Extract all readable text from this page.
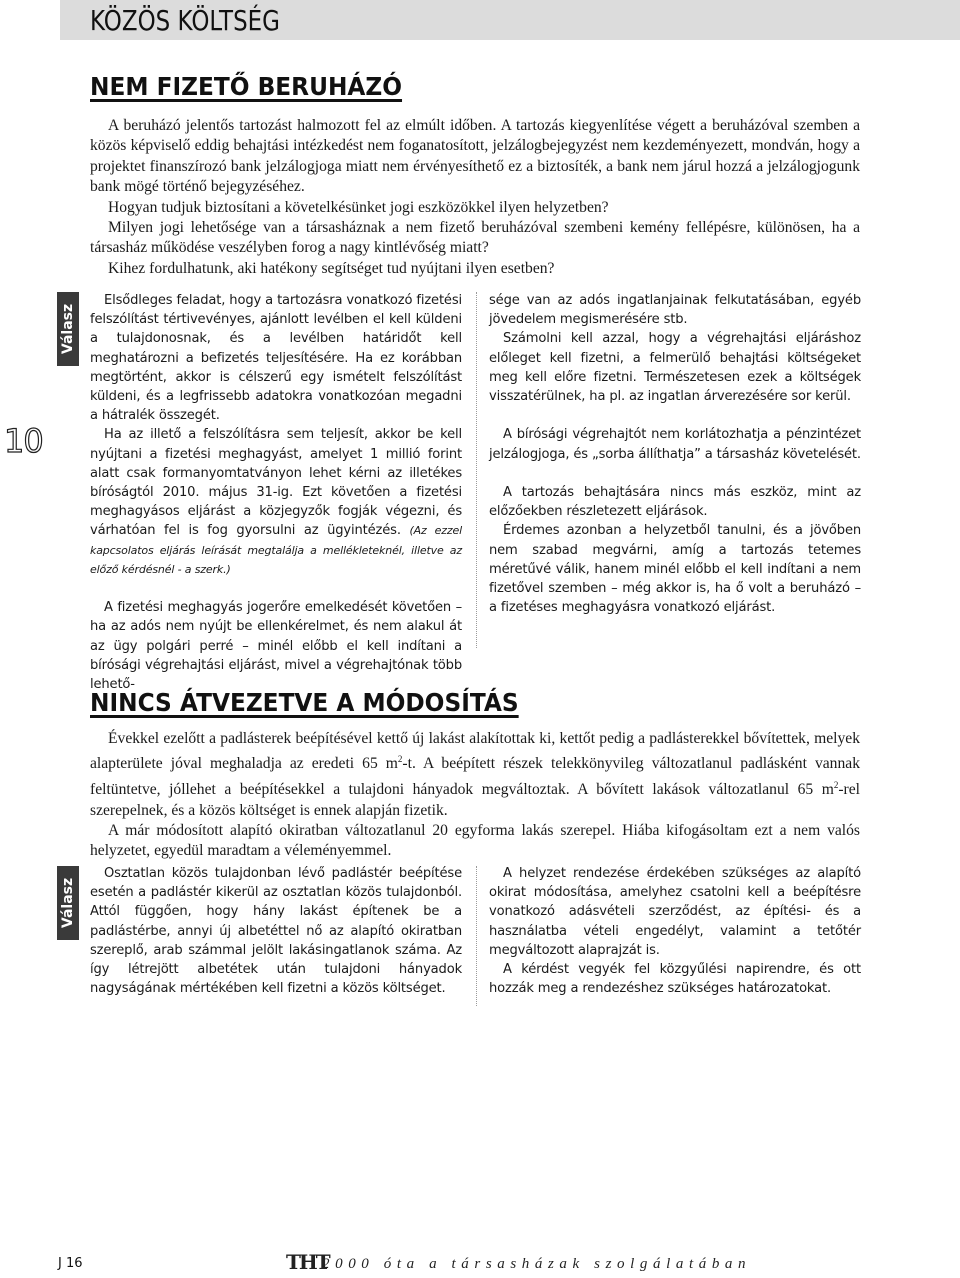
KÖZÖS KÖLTSÉG
10
NEM FIZETŐ BERUHÁZÓ

A beruházó jelentős tartozást halmozott fel az elmúlt időben. A tartozás kiegyenlítése végett a beruházóval szemben a közös képviselő eddig behajtási intézkedést nem foganatosított, jelzálogbejegyzést nem kezdeményezett, mondván, hogy a projektet finanszírozó bank jelzálogjoga miatt nem érvényesíthető ez a biztosíték, a bank nem járul hozzá a jelzálogjogunk bank mögé történő bejegyzéséhez.

Hogyan tudjuk biztosítani a követelkésünket jogi eszközökkel ilyen helyzetben?

Milyen jogi lehetősége van a társasháznak a nem fizető beruházóval szembeni kemény fellépésre, különösen, ha a társasház működése veszélyben forog a nagy kintlévőség miatt?

Kihez fordulhatunk, aki hatékony segítséget tud nyújtani ilyen esetben?

Válasz

Elsődleges feladat, hogy a tartozásra vonatkozó fizetési felszólítást tértivevényes, ajánlott levélben el kell küldeni a tulajdonosnak, és a levélben határidőt kell meghatározni a befizetés teljesítésére. Ha ez korábban megtörtént, akkor is célszerű egy ismételt felszólítást küldeni, és a legfrissebb adatokra vonatkozóan megadni a hátralék összegét.

Ha az illető a felszólításra sem teljesít, akkor be kell nyújtani a fizetési meghagyást, amelyet 1 millió forint alatt csak formanyomtatványon lehet kérni az illetékes bíróságtól 2010. május 31-ig. Ezt követően a fizetési meghagyásos eljárást a közjegyzők fogják végezni, és várhatóan fel is fog gyorsulni az ügyintézés. (Az ezzel kapcsolatos eljárás leírását megtalálja a mellékleteknél, illetve az előző kérdésnél - a szerk.)

A fizetési meghagyás jogerőre emelkedését követően – ha az adós nem nyújt be ellenkérelmet, és nem alakul át az ügy polgári perré – minél előbb el kell indítani a bírósági végrehajtási eljárást, mivel a végrehajtónak több lehető-

sége van az adós ingatlanjainak felkutatásában, egyéb jövedelem megismerésére stb.

Számolni kell azzal, hogy a végrehajtási eljáráshoz előleget kell fizetni, a felmerülő behajtási költségeket meg kell előre fizetni. Természetesen ezek a költségek visszatérülnek, ha pl. az ingatlan árverezésére sor kerül.

A bírósági végrehajtót nem korlátozhatja a pénzintézet jelzálogjoga, és „sorba állíthatja” a társasház követelését.

A tartozás behajtására nincs más eszköz, mint az előzőekben részletezett eljárások.

Érdemes azonban a helyzetből tanulni, és a jövőben nem szabad megvárni, amíg a tartozás tetemes méretűvé válik, hanem minél előbb el kell indítani a nem fizetővel szemben – még akkor is, ha ő volt a beruházó – a fizetéses meghagyásra vonatkozó eljárást.

NINCS ÁTVEZETVE A MÓDOSÍTÁS

Évekkel ezelőtt a padlásterek beépítésével kettő új lakást alakítottak ki, kettőt pedig a padlásterekkel bővítettek, melyek alapterülete jóval meghaladja az eredeti 65 $m^2-t$. A beépített részek telekkönyvileg változatlanul padlásként vannak feltüntetve, jóllehet a beépítésekkel a tulajdoni hányadok megváltoztak. A bővített lakások változatlanul 65 $m^2$-rel szerepelnek, és a közös költséget is ennek alapján fizetik.

A már módosított alapító okiratban változatlanul 20 egyforma lakás szerepel. Hiába kifogásoltam ezt a nem valós helyzetet, egyedül maradtam a véleményemmel.

Válasz

Osztatlan közös tulajdonban lévő padlástér beépítése esetén a padlástér kikerül az osztatlan közös tulajdonból. Attól függően, hogy hány lakást építenek be a padlástérbe, annyi új albetéttel nő az alapító okiratban szereplő, arab számmal jelölt lakásingatlanok száma. Az így létrejött albetétek után tulajdoni hányadok nagyságának mértékében kell fizetni a közös költséget.

A helyzet rendezése érdekében szükséges az alapító okirat módosítása, amelyhez csatolni kell a beépítésre vonatkozó adásvételi szerződést, az építési- és a használatba vételi engedélyt, valamint a tetőtér megváltozott alaprajzát is.

A kérdést vegyék fel közgyűlési napirendre, és ott hozzák meg a rendezéshez szükséges határozatokat.

J 16	THT
2000 óta a társasházak szolgálatában
